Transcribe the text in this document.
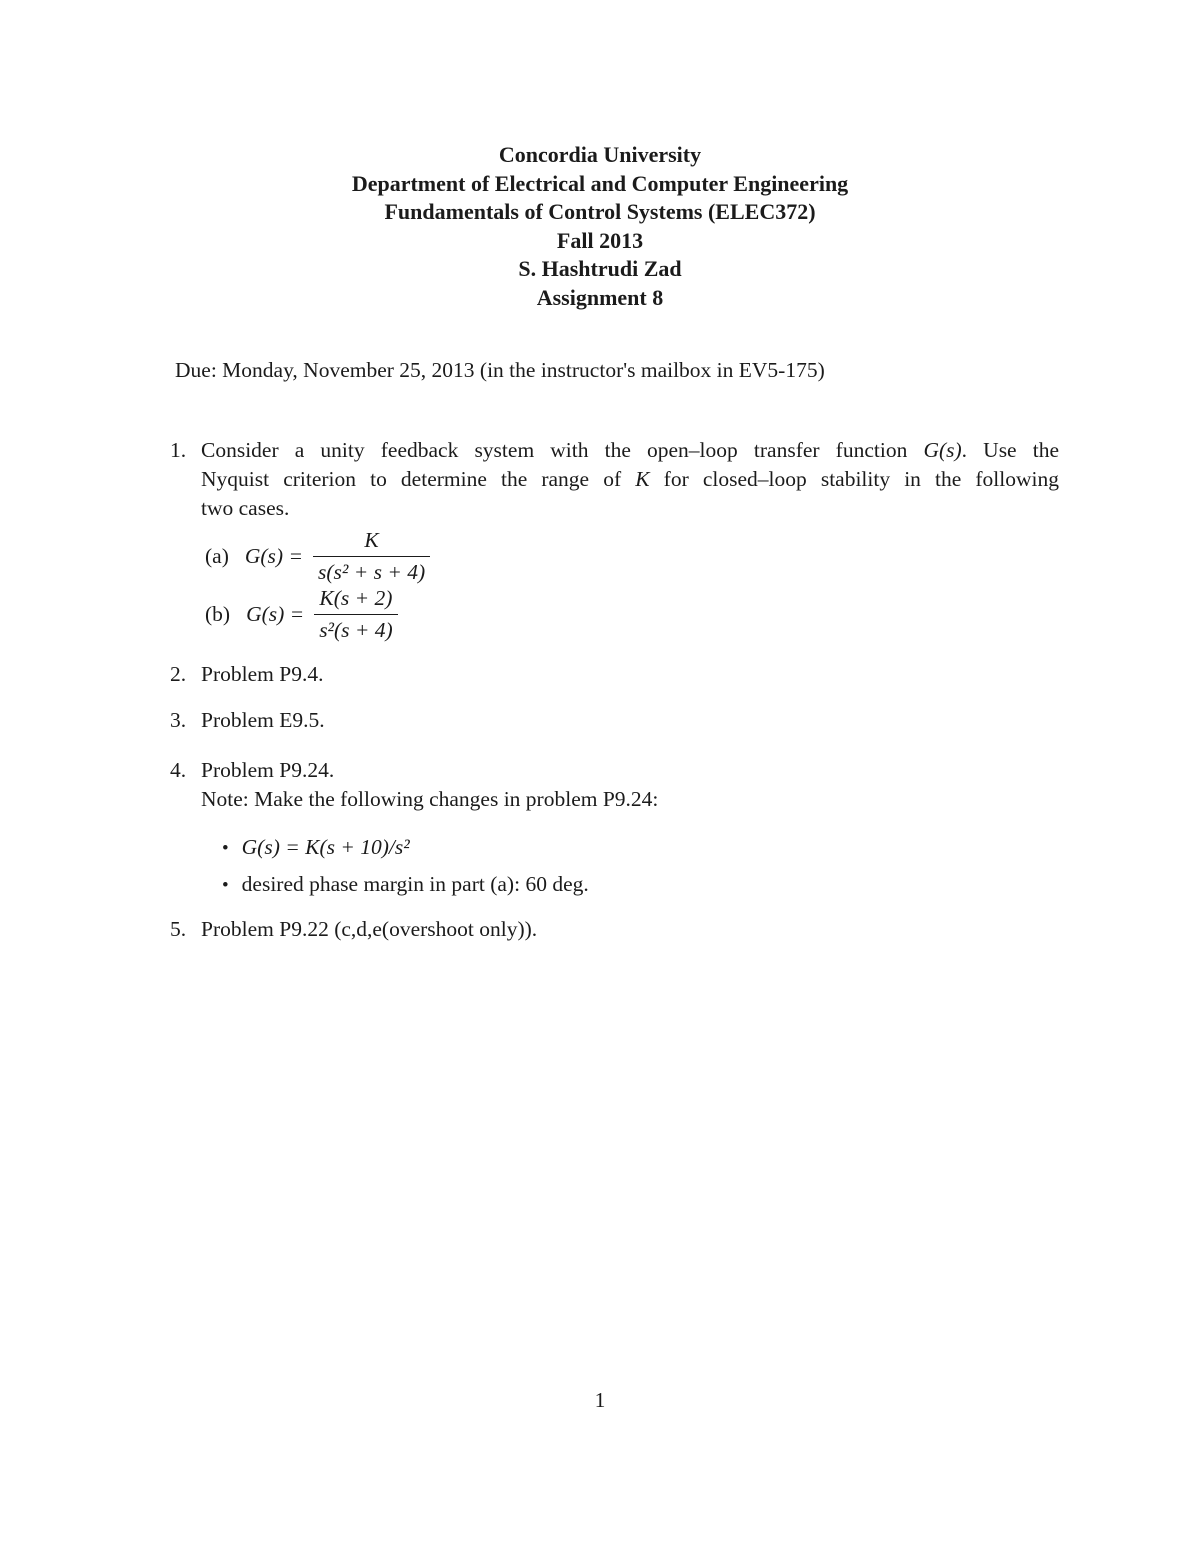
Concordia University
Department of Electrical and Computer Engineering
Fundamentals of Control Systems (ELEC372)
Fall 2013
S. Hashtrudi Zad
Assignment 8

Due: Monday, November 25, 2013 (in the instructor's mailbox in EV5-175)

1. Consider a unity feedback system with the open–loop transfer function G(s). Use the
Nyquist criterion to determine the range of K for closed–loop stability in the following
two cases.
(a) $G(s) = \frac{K}{\text{s(s² + s + 4)}}$
(b) $G(s) = \frac{K(s + 2)}{\text{s²(s + 4)}}$
2. Problem P9.4.
3. Problem E9.5.
4. Problem P9.24.
Note: Make the following changes in problem P9.24:
• G(s) = K(s + 10)/s²
• desired phase margin in part (a): 60 deg.
5. Problem P9.22 (c,d,e(overshoot only)).
1
